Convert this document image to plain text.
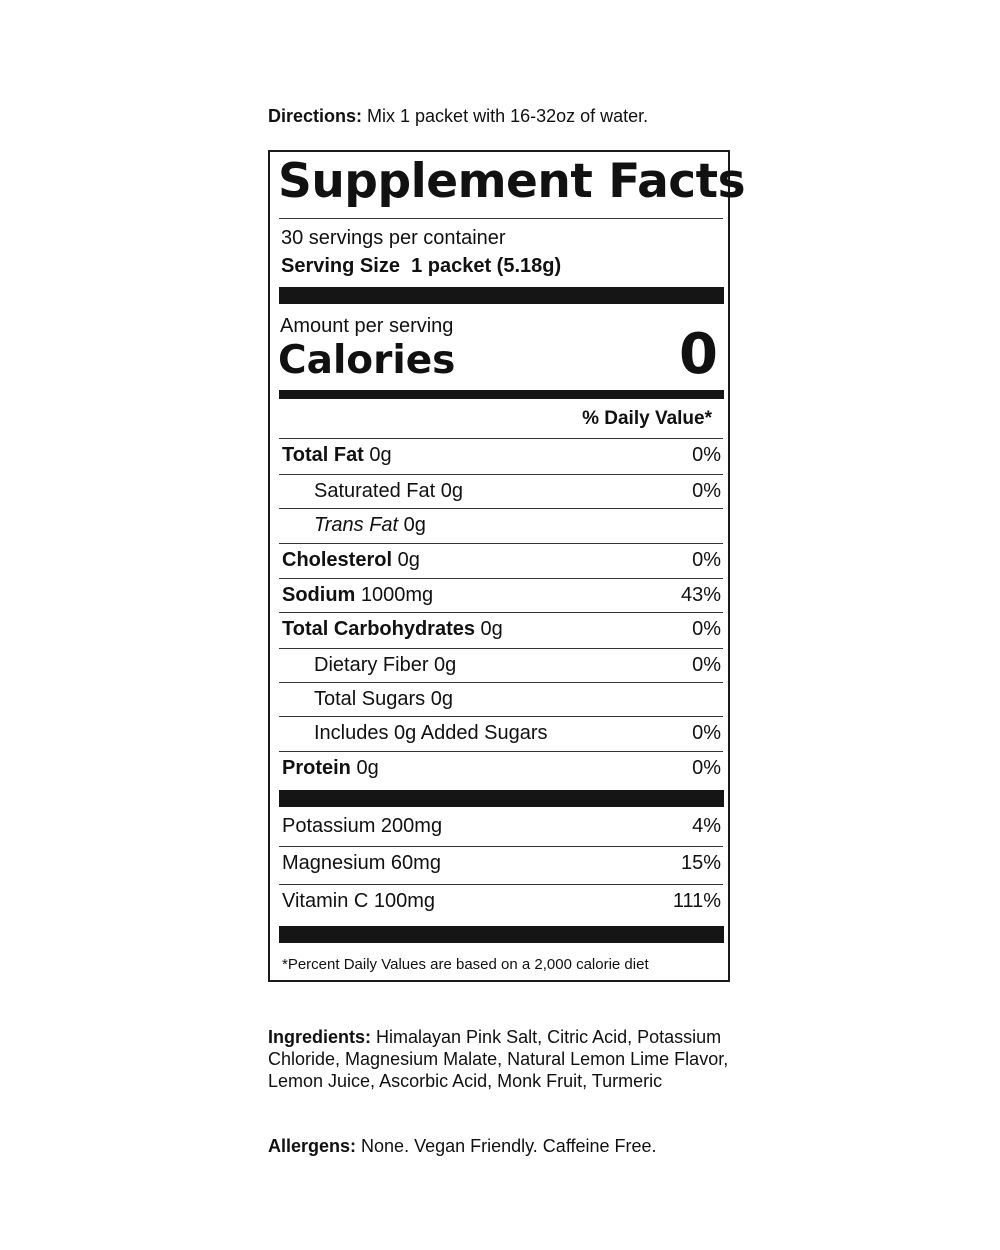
Directions: Mix 1 packet with 16-32oz of water.
Supplement Facts
30 servings per container
Serving Size 1 packet (5.18g)
Amount per serving
Calories	0
% Daily Value*
Total Fat 0g	0%
Saturated Fat 0g	0%
Trans Fat 0g
Cholesterol 0g	0%
Sodium 1000mg	43%
Total Carbohydrates 0g	0%
Dietary Fiber 0g	0%
Total Sugars 0g
Includes 0g Added Sugars	0%
Protein 0g	0%
Potassium 200mg	4%
Magnesium 60mg	15%
Vitamin C 100mg	111%
*Percent Daily Values are based on a 2,000 calorie diet
Ingredients: Himalayan Pink Salt, Citric Acid, Potassium Chloride, Magnesium Malate, Natural Lemon Lime Flavor, Lemon Juice, Ascorbic Acid, Monk Fruit, Turmeric
Allergens: None. Vegan Friendly. Caffeine Free.
